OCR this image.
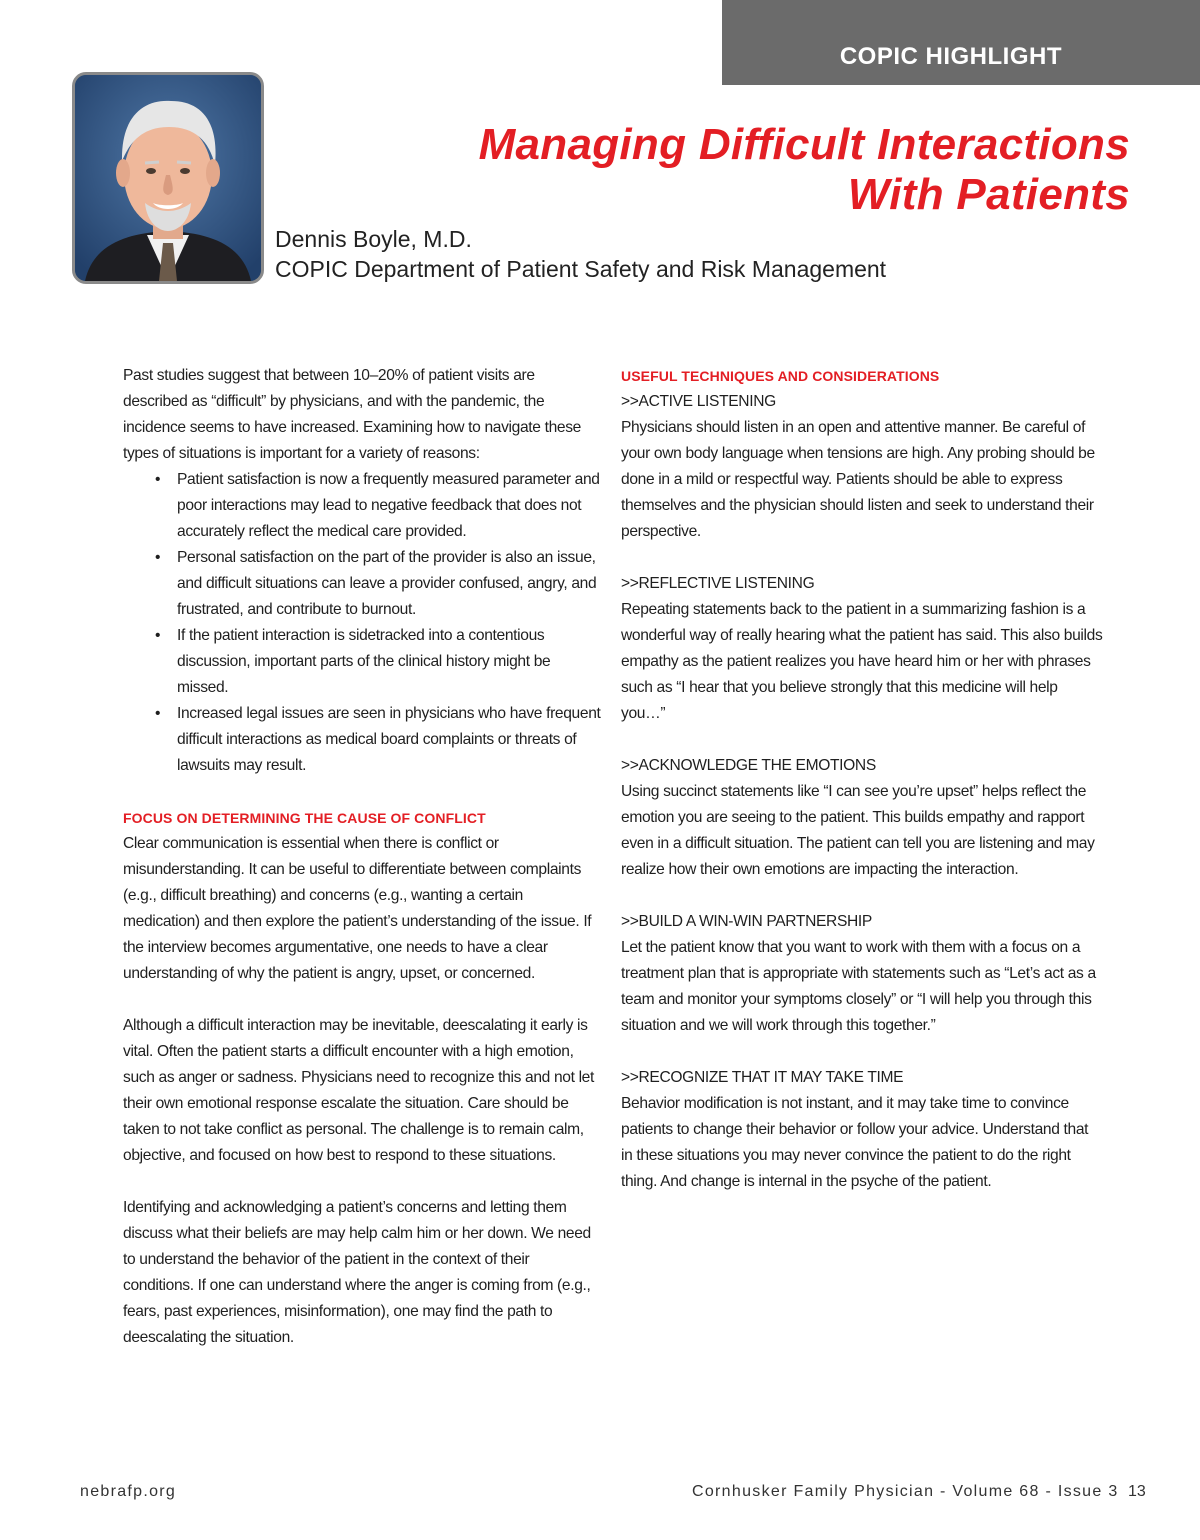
COPIC HIGHLIGHT
Managing Difficult Interactions
With Patients
Dennis Boyle, M.D.
COPIC Department of Patient Safety and Risk Management

Past studies suggest that between 10–20% of patient visits are described as “difficult” by physicians, and with the pandemic, the incidence seems to have increased. Examining how to navigate these types of situations is important for a variety of reasons:

• Patient satisfaction is now a frequently measured parameter and poor interactions may lead to negative feedback that does not accurately reflect the medical care provided.
• Personal satisfaction on the part of the provider is also an issue, and difficult situations can leave a provider confused, angry, and frustrated, and contribute to burnout.
• If the patient interaction is sidetracked into a contentious discussion, important parts of the clinical history might be missed.
• Increased legal issues are seen in physicians who have frequent difficult interactions as medical board complaints or threats of lawsuits may result.

FOCUS ON DETERMINING THE CAUSE OF CONFLICT

Clear communication is essential when there is conflict or misunderstanding. It can be useful to differentiate between complaints (e.g., difficult breathing) and concerns (e.g., wanting a certain medication) and then explore the patient’s understanding of the issue. If the interview becomes argumentative, one needs to have a clear understanding of why the patient is angry, upset, or concerned.

Although a difficult interaction may be inevitable, deescalating it early is vital. Often the patient starts a difficult encounter with a high emotion, such as anger or sadness. Physicians need to recognize this and not let their own emotional response escalate the situation. Care should be taken to not take conflict as personal. The challenge is to remain calm, objective, and focused on how best to respond to these situations.

Identifying and acknowledging a patient’s concerns and letting them discuss what their beliefs are may help calm him or her down. We need to understand the behavior of the patient in the context of their conditions. If one can understand where the anger is coming from (e.g., fears, past experiences, misinformation), one may find the path to deescalating the situation.

USEFUL TECHNIQUES AND CONSIDERATIONS

>>ACTIVE LISTENING

Physicians should listen in an open and attentive manner. Be careful of your own body language when tensions are high. Any probing should be done in a mild or respectful way. Patients should be able to express themselves and the physician should listen and seek to understand their perspective.

>>REFLECTIVE LISTENING

Repeating statements back to the patient in a summarizing fashion is a wonderful way of really hearing what the patient has said. This also builds empathy as the patient realizes you have heard him or her with phrases such as “I hear that you believe strongly that this medicine will help you…”

>>ACKNOWLEDGE THE EMOTIONS

Using succinct statements like “I can see you’re upset” helps reflect the emotion you are seeing to the patient. This builds empathy and rapport even in a difficult situation. The patient can tell you are listening and may realize how their own emotions are impacting the interaction.

>>BUILD A WIN-WIN PARTNERSHIP

Let the patient know that you want to work with them with a focus on a treatment plan that is appropriate with statements such as “Let’s act as a team and monitor your symptoms closely” or “I will help you through this situation and we will work through this together.”

>>RECOGNIZE THAT IT MAY TAKE TIME

Behavior modification is not instant, and it may take time to convince patients to change their behavior or follow your advice. Understand that in these situations you may never convince the patient to do the right thing. And change is internal in the psyche of the patient.

nebrafp.org	Cornhusker Family Physician - Volume 68 - Issue 3 13
